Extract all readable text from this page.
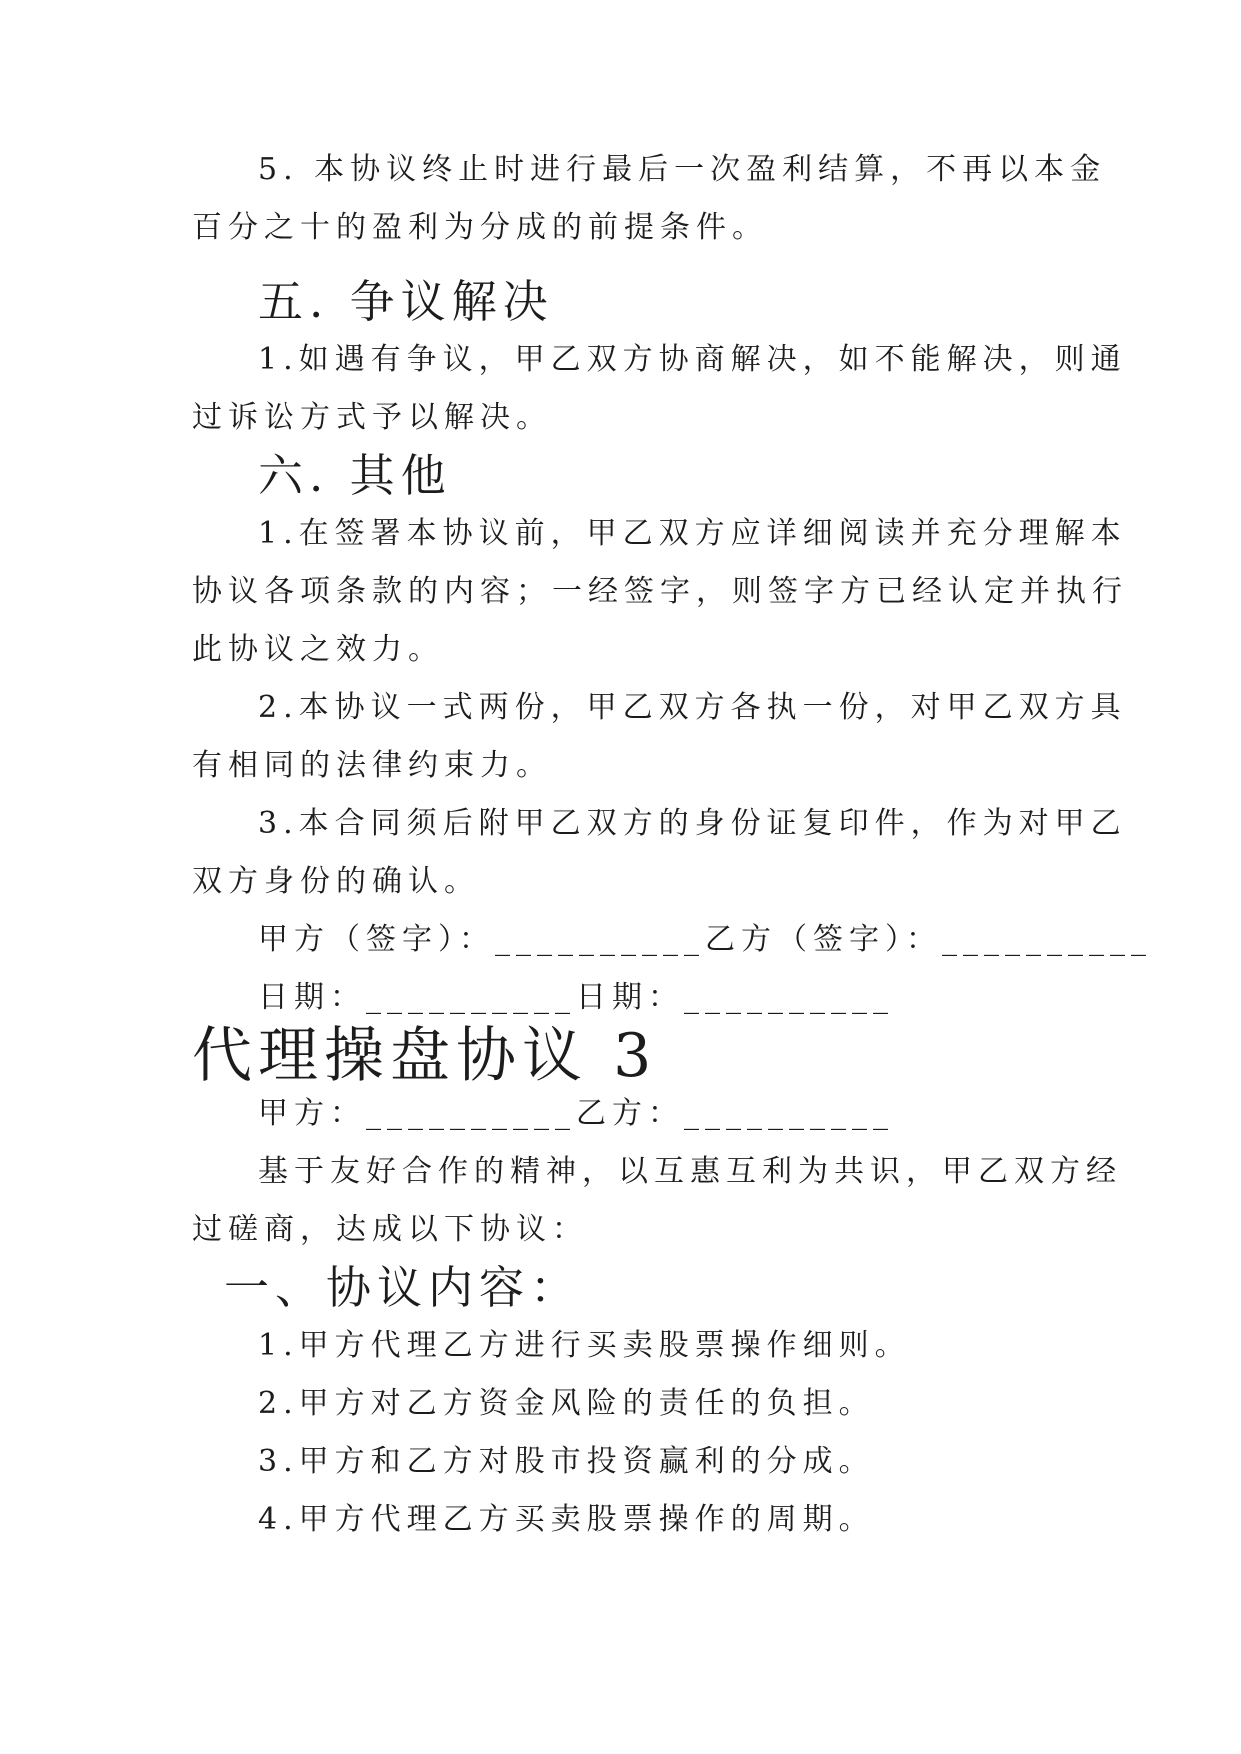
5. 本协议终止时进行最后一次盈利结算，不再以本金

百分之十的盈利为分成的前提条件。

五. 争议解决

1.如遇有争议，甲乙双方协商解决，如不能解决，则通

过诉讼方式予以解决。

六. 其他

1.在签署本协议前，甲乙双方应详细阅读并充分理解本

协议各项条款的内容；一经签字，则签字方已经认定并执行

此协议之效力。

2.本协议一式两份，甲乙双方各执一份，对甲乙双方具

有相同的法律约束力。

3.本合同须后附甲乙双方的身份证复印件，作为对甲乙

双方身份的确认。

甲方（签字）：__________乙方（签字）：__________

日期：__________日期：__________

代理操盘协议 3

甲方：__________乙方：__________

基于友好合作的精神，以互惠互利为共识，甲乙双方经

过磋商，达成以下协议：

一、协议内容：

1.甲方代理乙方进行买卖股票操作细则。

2.甲方对乙方资金风险的责任的负担。

3.甲方和乙方对股市投资赢利的分成。

4.甲方代理乙方买卖股票操作的周期。
